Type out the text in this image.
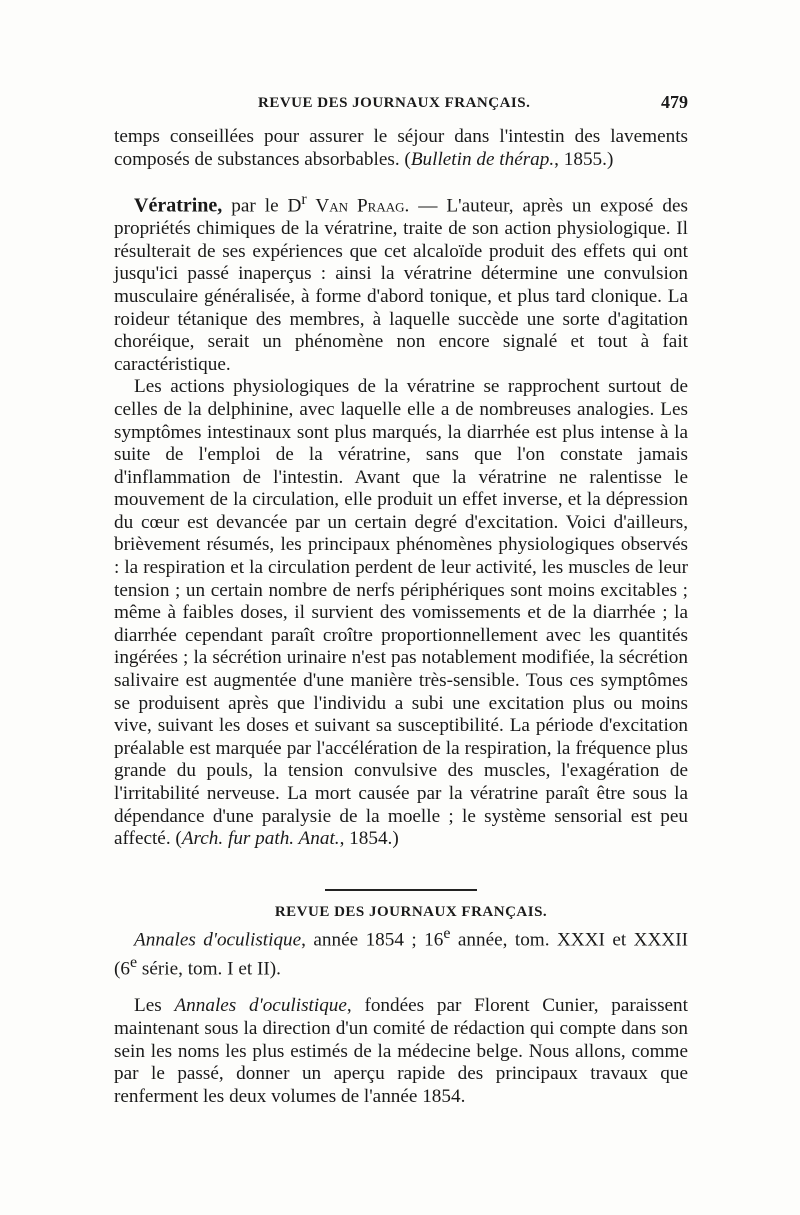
REVUE DES JOURNAUX FRANÇAIS.	479

temps conseillées pour assurer le séjour dans l'intestin des lavements composés de substances absorbables. (Bulletin de thérap., 1855.)

Vératrine, par le $D^r$ Van Praag. — L'auteur, après un exposé des propriétés chimiques de la vératrine, traite de son action physiologique. Il résulterait de ses expériences que cet alcaloïde produit des effets qui ont jusqu'ici passé inaperçus : ainsi la vératrine détermine une convulsion musculaire généralisée, à forme d'abord tonique, et plus tard clonique. La roideur tétanique des membres, à laquelle succède une sorte d'agitation choréique, serait un phénomène non encore signalé et tout à fait caractéristique.

Les actions physiologiques de la vératrine se rapprochent surtout de celles de la delphinine, avec laquelle elle a de nombreuses analogies. Les symptômes intestinaux sont plus marqués, la diarrhée est plus intense à la suite de l'emploi de la vératrine, sans que l'on constate jamais d'inflammation de l'intestin. Avant que la vératrine ne ralentisse le mouvement de la circulation, elle produit un effet inverse, et la dépression du cœur est devancée par un certain degré d'excitation. Voici d'ailleurs, brièvement résumés, les principaux phénomènes physiologiques observés : la respiration et la circulation perdent de leur activité, les muscles de leur tension ; un certain nombre de nerfs périphériques sont moins excitables ; même à faibles doses, il survient des vomissements et de la diarrhée ; la diarrhée cependant paraît croître proportionnellement avec les quantités ingérées ; la sécrétion urinaire n'est pas notablement modifiée, la sécrétion salivaire est augmentée d'une manière très-sensible. Tous ces symptômes se produisent après que l'individu a subi une excitation plus ou moins vive, suivant les doses et suivant sa susceptibilité. La période d'excitation préalable est marquée par l'accélération de la respiration, la fréquence plus grande du pouls, la tension convulsive des muscles, l'exagération de l'irritabilité nerveuse. La mort causée par la vératrine paraît être sous la dépendance d'une paralysie de la moelle ; le système sensorial est peu affecté. (Arch. fur path. Anat., 1854.)

REVUE DES JOURNAUX FRANÇAIS.

Annales d'oculistique, année 1854 ; 16e année, tom. XXXI et XXXII (6e série, tom. I et II).

Les Annales d'oculistique, fondées par Florent Cunier, paraissent maintenant sous la direction d'un comité de rédaction qui compte dans son sein les noms les plus estimés de la médecine belge. Nous allons, comme par le passé, donner un aperçu rapide des principaux travaux que renferment les deux volumes de l'année 1854.
